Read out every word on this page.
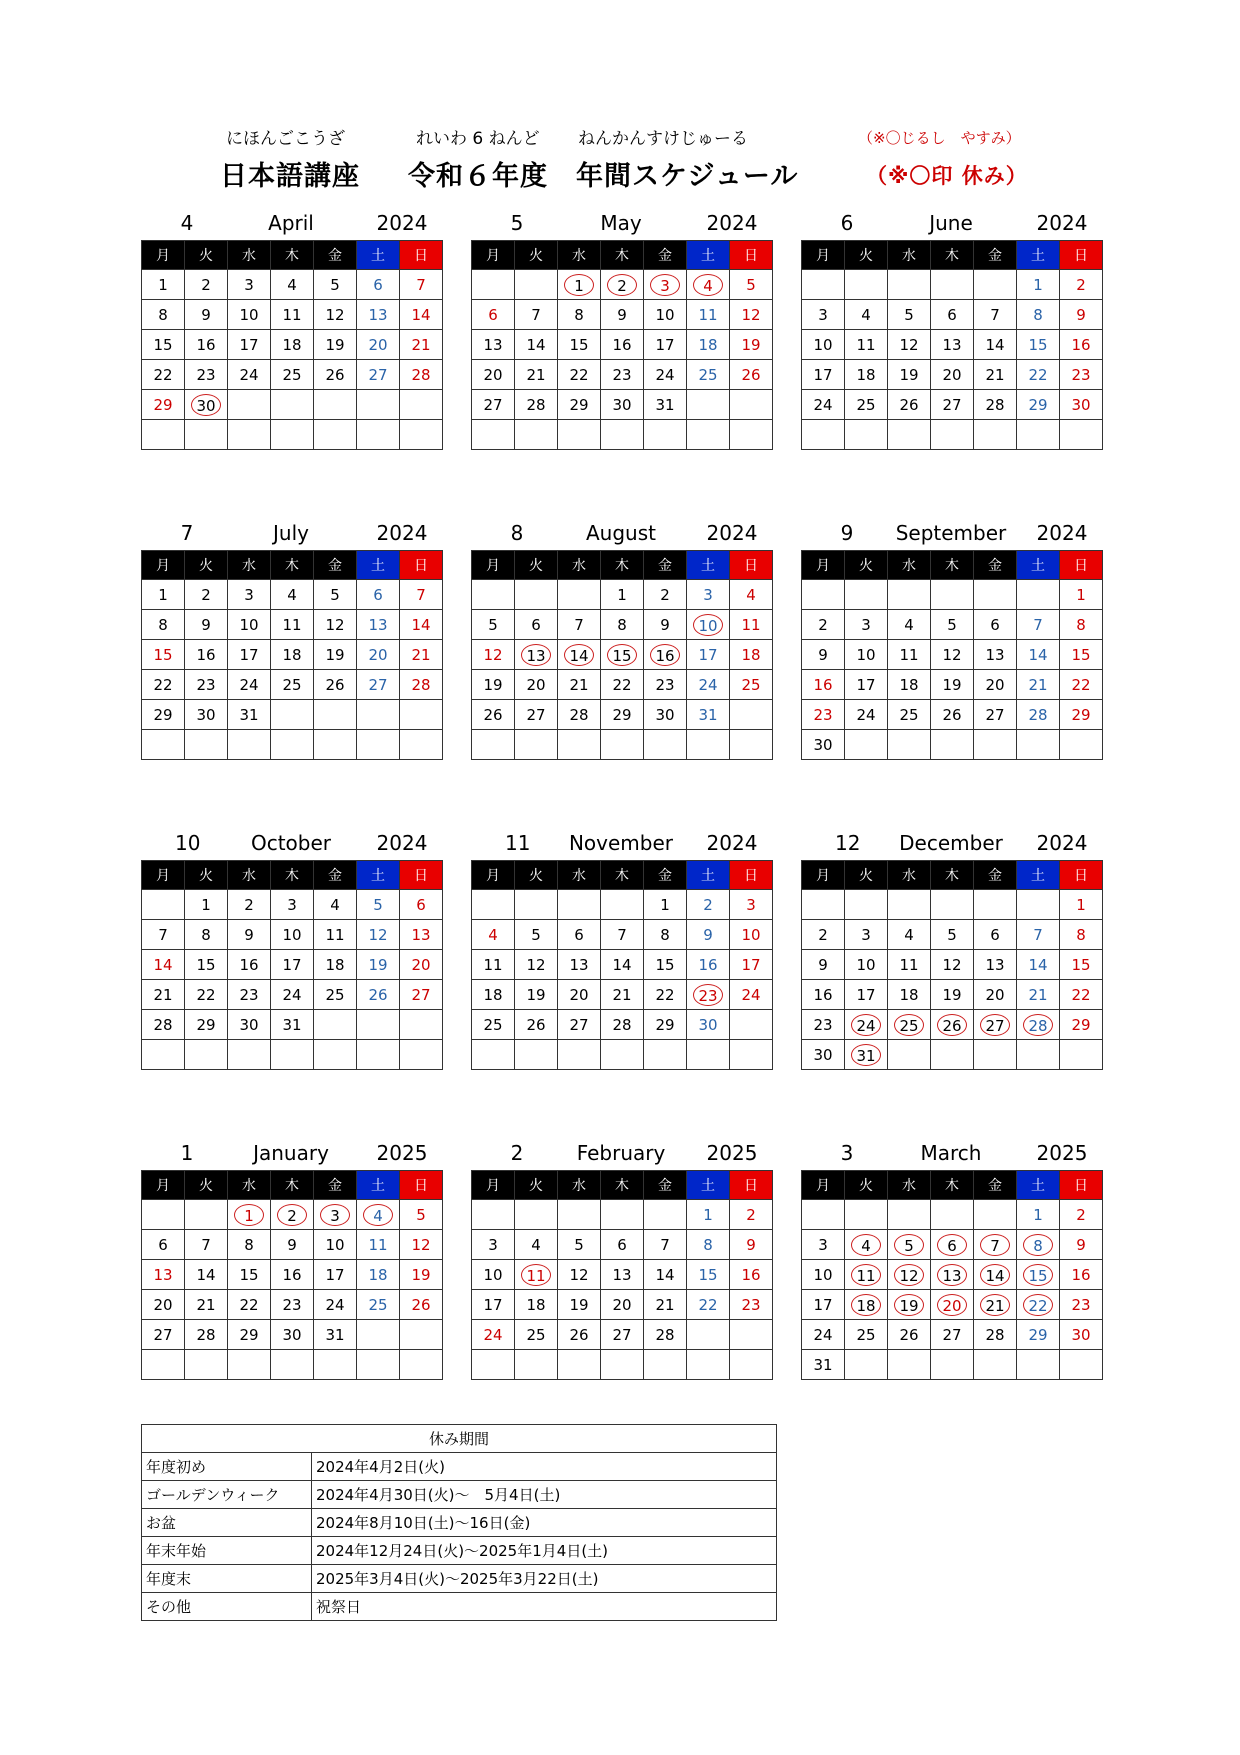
にほんごこうざ	れいわ 6 ねんど ねんかんすけじゅーる	（※〇じるし　やすみ）
日本語講座 令和６年度 年間スケジュール	（※〇印 休み）
4	April	2024
月	火	水	木	金	土	日
1	2	3	4	5	6	7
8	9	10	11	12	13	14
15	16	17	18	19	20	21
22	23	24	25	26	27	28
29	30					

5	May	2024
月	火	水	木	金	土	日
		1	2	3	4	5
6	7	8	9	10	11	12
13	14	15	16	17	18	19
20	21	22	23	24	25	26
27	28	29	30	31		

6	June	2024
月	火	水	木	金	土	日
					1	2
3	4	5	6	7	8	9
10	11	12	13	14	15	16
17	18	19	20	21	22	23
24	25	26	27	28	29	30

7	July	2024
月	火	水	木	金	土	日
1	2	3	4	5	6	7
8	9	10	11	12	13	14
15	16	17	18	19	20	21
22	23	24	25	26	27	28
29	30	31				

8	August	2024
月	火	水	木	金	土	日
			1	2	3	4
5	6	7	8	9	10	11
12	13	14	15	16	17	18
19	20	21	22	23	24	25
26	27	28	29	30	31	

9	September	2024
月	火	水	木	金	土	日
						1
2	3	4	5	6	7	8
9	10	11	12	13	14	15
16	17	18	19	20	21	22
23	24	25	26	27	28	29
30						
10	October	2024
月	火	水	木	金	土	日
	1	2	3	4	5	6
7	8	9	10	11	12	13
14	15	16	17	18	19	20
21	22	23	24	25	26	27
28	29	30	31			

11	November	2024
月	火	水	木	金	土	日
				1	2	3
4	5	6	7	8	9	10
11	12	13	14	15	16	17
18	19	20	21	22	23	24
25	26	27	28	29	30	

12	December	2024
月	火	水	木	金	土	日
						1
2	3	4	5	6	7	8
9	10	11	12	13	14	15
16	17	18	19	20	21	22
23	24	25	26	27	28	29
30	31					
1	January	2025
月	火	水	木	金	土	日
		1	2	3	4	5
6	7	8	9	10	11	12
13	14	15	16	17	18	19
20	21	22	23	24	25	26
27	28	29	30	31		

2	February	2025
月	火	水	木	金	土	日
					1	2
3	4	5	6	7	8	9
10	11	12	13	14	15	16
17	18	19	20	21	22	23
24	25	26	27	28		

3	March	2025
月	火	水	木	金	土	日
					1	2
3	4	5	6	7	8	9
10	11	12	13	14	15	16
17	18	19	20	21	22	23
24	25	26	27	28	29	30
31						
休み期間	
年度初め	2024年4月2日(火)
ゴールデンウィーク	2024年4月30日(火)～　5月4日(土)
お盆	2024年8月10日(土)～16日(金)
年末年始	2024年12月24日(火)～2025年1月4日(土)
年度末	2025年3月4日(火)～2025年3月22日(土)
その他	祝祭日
